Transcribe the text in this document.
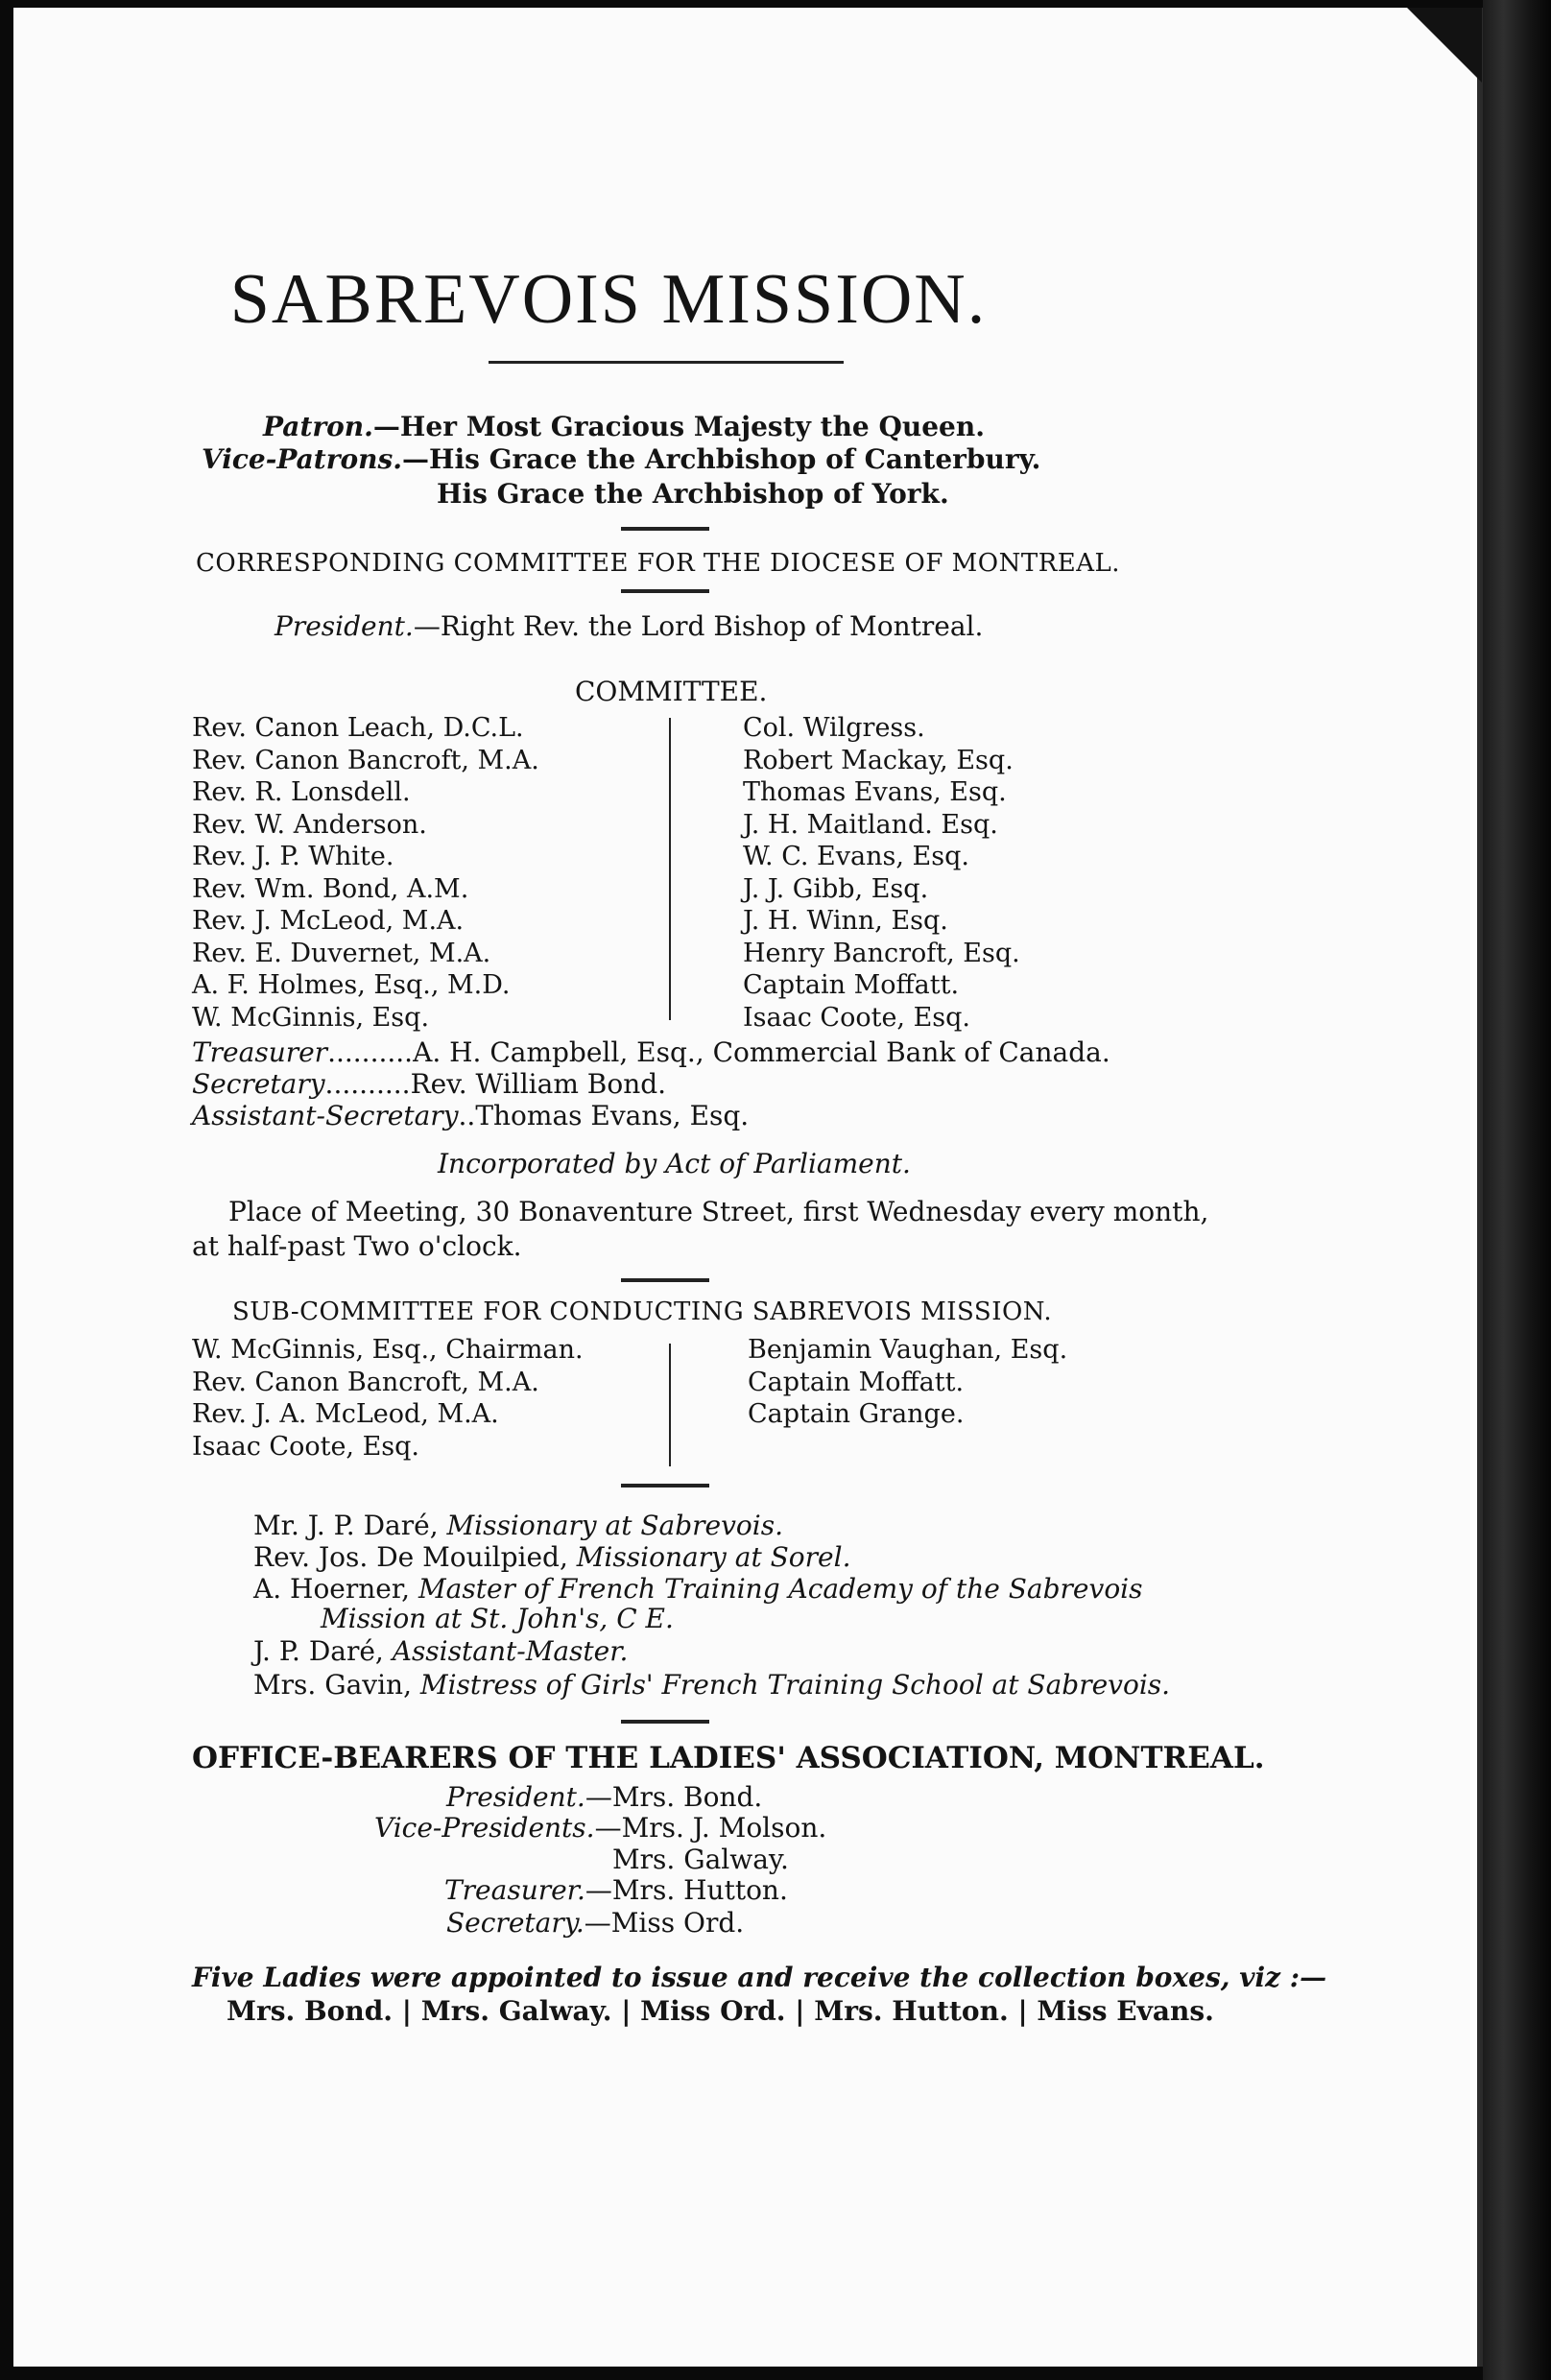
SABREVOIS MISSION.
Patron.—Her Most Gracious Majesty the Queen.
Vice-Patrons.—His Grace the Archbishop of Canterbury.
His Grace the Archbishop of York.
CORRESPONDING COMMITTEE FOR THE DIOCESE OF MONTREAL.
President.—Right Rev. the Lord Bishop of Montreal.
COMMITTEE.
Rev. Canon Leach, D.C.L.
Rev. Canon Bancroft, M.A.
Rev. R. Lonsdell.
Rev. W. Anderson.
Rev. J. P. White.
Rev. Wm. Bond, A.M.
Rev. J. McLeod, M.A.
Rev. E. Duvernet, M.A.
A. F. Holmes, Esq., M.D.
W. McGinnis, Esq.
Col. Wilgress.
Robert Mackay, Esq.
Thomas Evans, Esq.
J. H. Maitland. Esq.
W. C. Evans, Esq.
J. J. Gibb, Esq.
J. H. Winn, Esq.
Henry Bancroft, Esq.
Captain Moffatt.
Isaac Coote, Esq.
Treasurer..........A. H. Campbell, Esq., Commercial Bank of Canada.
Secretary..........Rev. William Bond.
Assistant-Secretary..Thomas Evans, Esq.
Incorporated by Act of Parliament.
Place of Meeting, 30 Bonaventure Street, first Wednesday every month,
at half-past Two o'clock.
SUB-COMMITTEE FOR CONDUCTING SABREVOIS MISSION.
W. McGinnis, Esq., Chairman.
Rev. Canon Bancroft, M.A.
Rev. J. A. McLeod, M.A.
Isaac Coote, Esq.
Benjamin Vaughan, Esq.
Captain Moffatt.
Captain Grange.
Mr. J. P. Daré, Missionary at Sabrevois.
Rev. Jos. De Mouilpied, Missionary at Sorel.
A. Hoerner, Master of French Training Academy of the Sabrevois
Mission at St. John's, C E.
J. P. Daré, Assistant-Master.
Mrs. Gavin, Mistress of Girls' French Training School at Sabrevois.
OFFICE-BEARERS OF THE LADIES' ASSOCIATION, MONTREAL.
President.—Mrs. Bond.
Vice-Presidents.—Mrs. J. Molson.
Mrs. Galway.
Treasurer.—Mrs. Hutton.
Secretary.—Miss Ord.
Five Ladies were appointed to issue and receive the collection boxes, viz :—
Mrs. Bond. | Mrs. Galway. | Miss Ord. | Mrs. Hutton. | Miss Evans.
